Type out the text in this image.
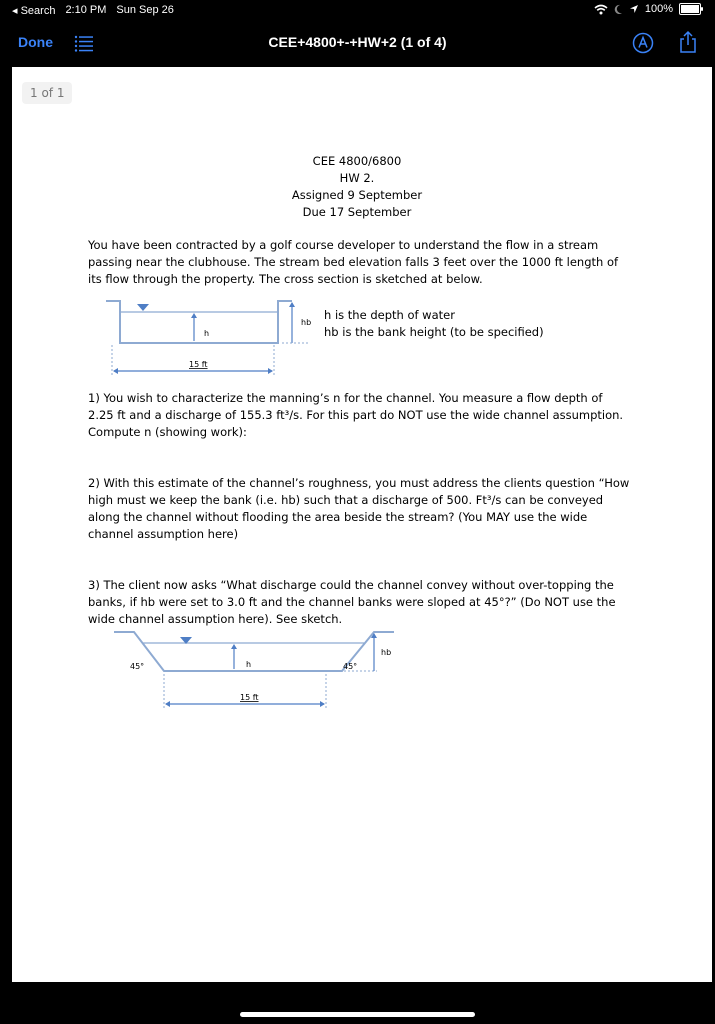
◂ Search 2:10 PM Sun Sep 26	100%
Done	CEE+4800+-+HW+2 (1 of 4)
1 of 1
CEE 4800/6800
HW 2.
Assigned 9 September
Due 17 September

You have been contracted by a golf course developer to understand the flow in a stream passing near the clubhouse. The stream bed elevation falls 3 feet over the 1000 ft length of its flow through the property. The cross section is sketched at below.

h
hb
15 ft
h is the depth of water
hb is the bank height (to be specified)

1) You wish to characterize the manning’s n for the channel. You measure a flow depth of 2.25 ft and a discharge of 155.3 ft³/s. For this part do NOT use the wide channel assumption. Compute n (showing work):

2) With this estimate of the channel’s roughness, you must address the clients question “How high must we keep the bank (i.e. hb) such that a discharge of 500. Ft³/s can be conveyed along the channel without flooding the area beside the stream? (You MAY use the wide channel assumption here)

3) The client now asks “What discharge could the channel convey without over-topping the banks, if hb were set to 3.0 ft and the channel banks were sloped at 45°?” (Do NOT use the wide channel assumption here). See sketch.

h
45°	45°
hb
15 ft
